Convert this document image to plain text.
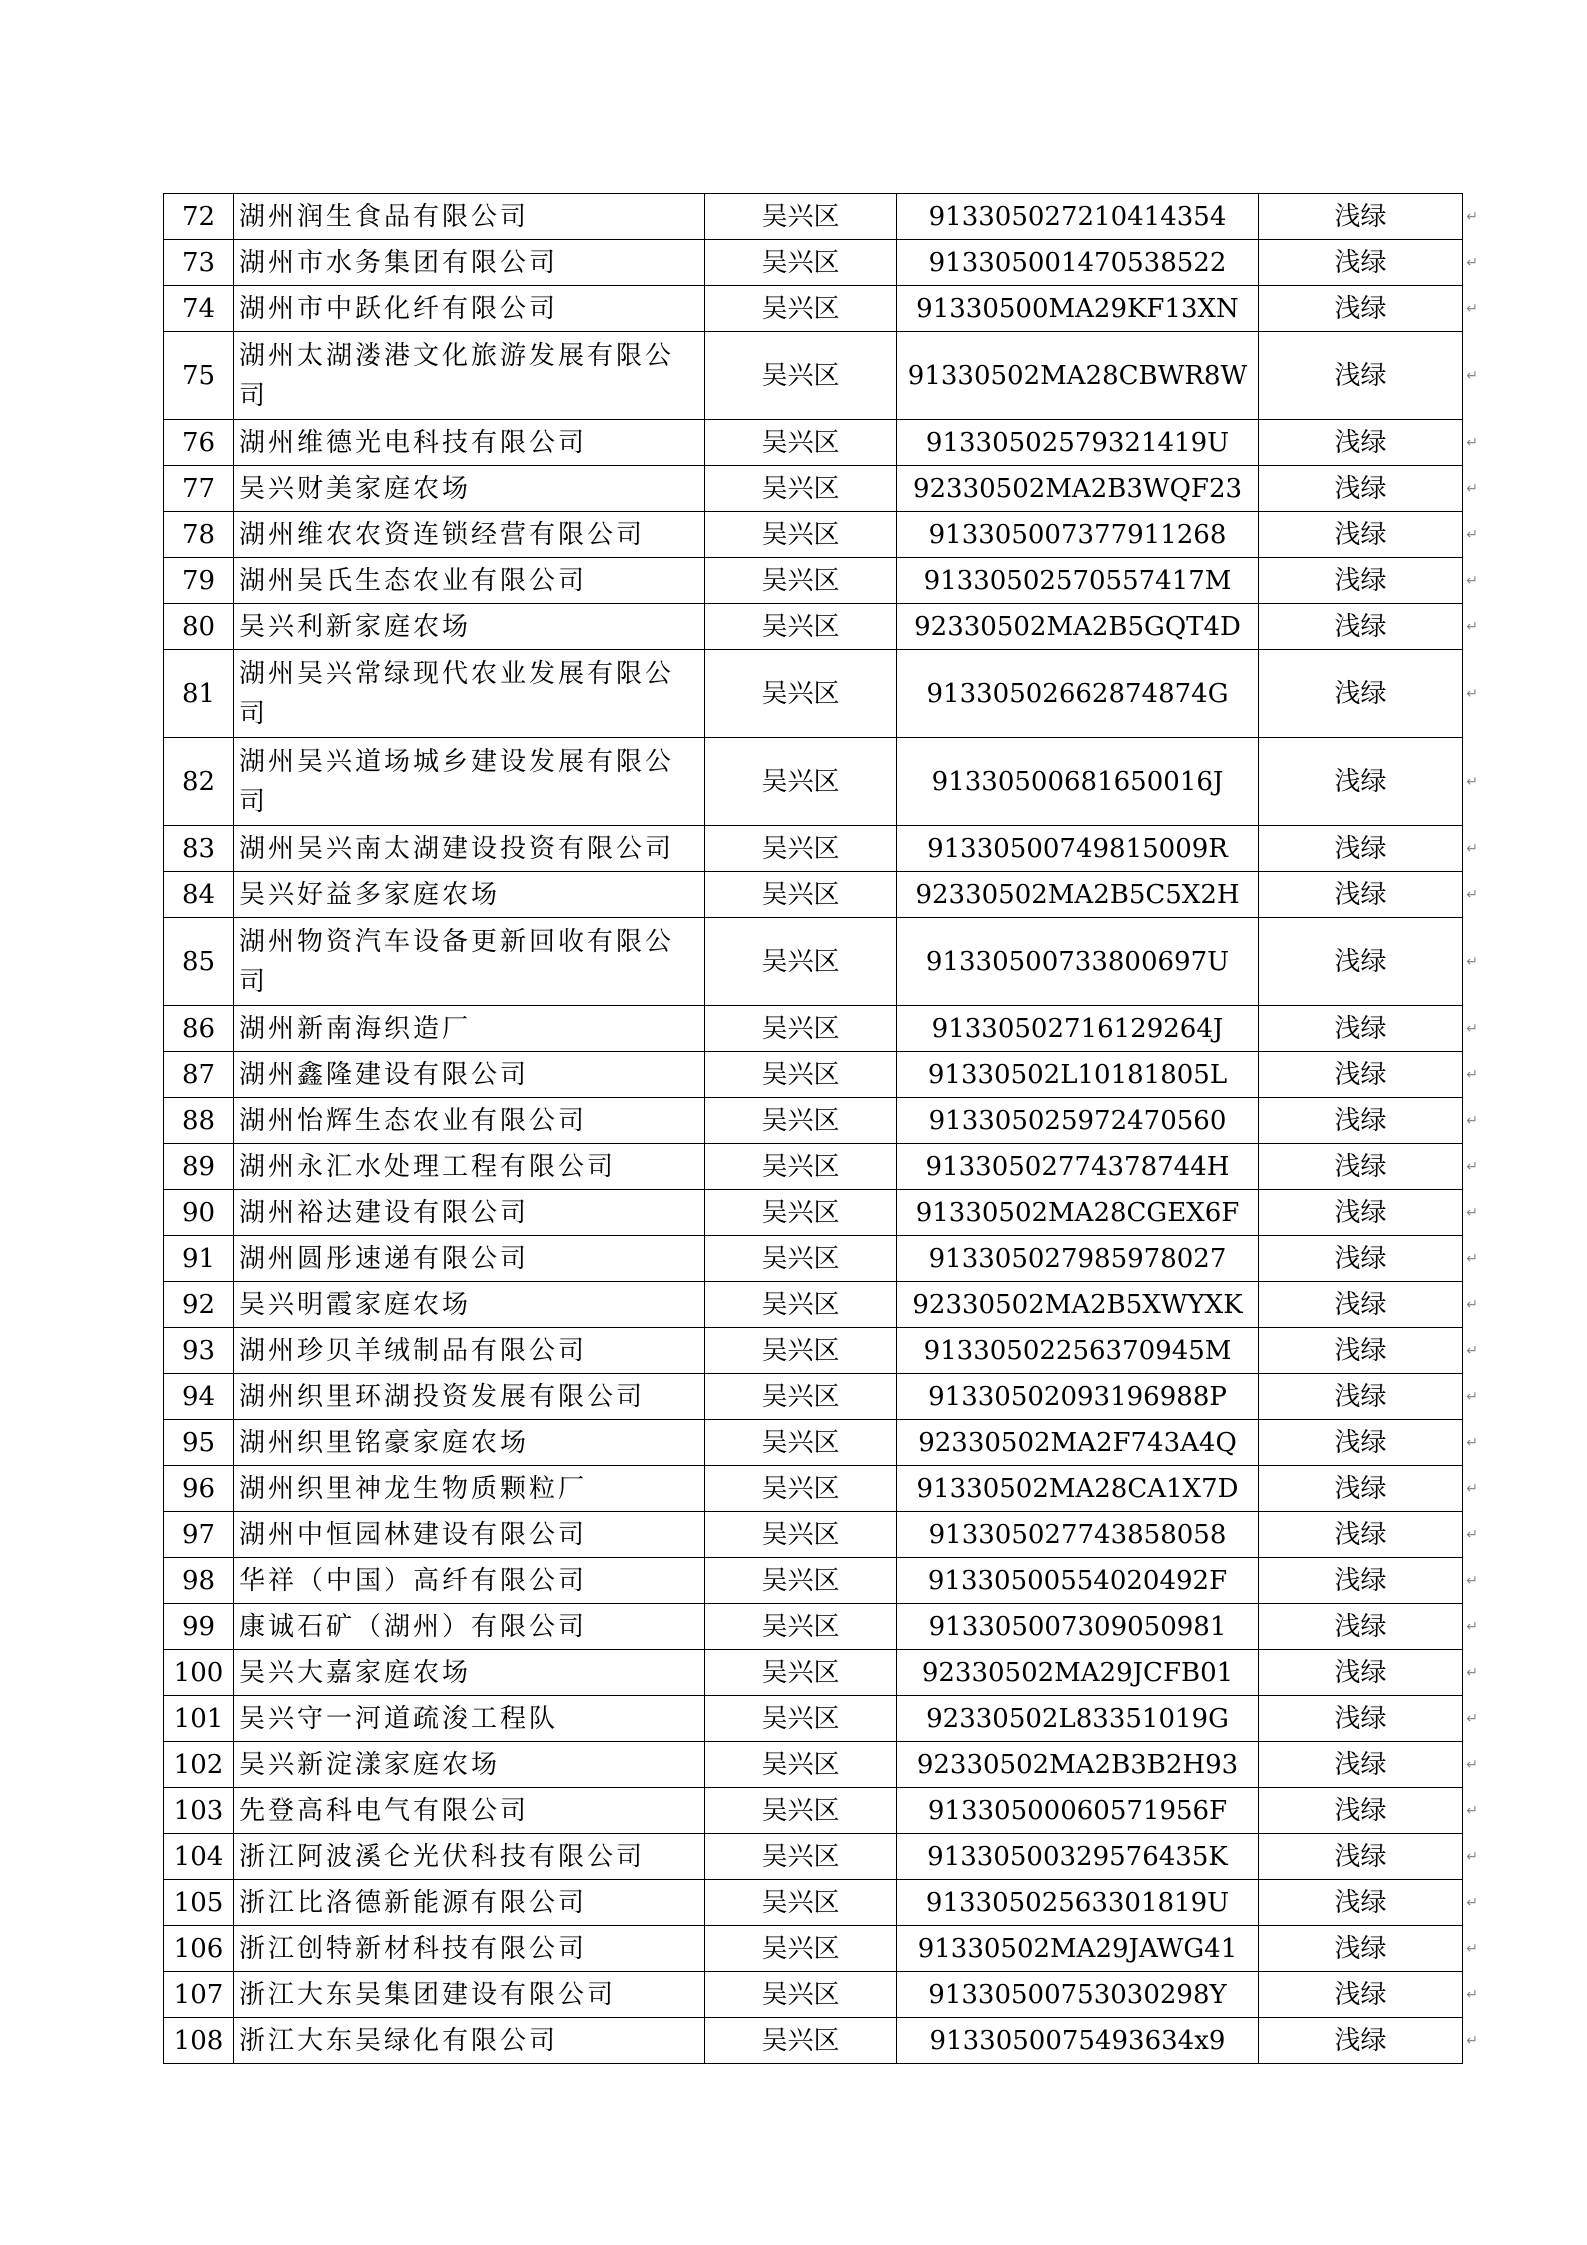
72	湖州润生食品有限公司	吴兴区	913305027210414354	浅绿 ↵

73	湖州市水务集团有限公司	吴兴区	913305001470538522	浅绿 ↵

74	湖州市中跃化纤有限公司	吴兴区	91330500MA29KF13XN	浅绿 ↵

75	湖州太湖溇港文化旅游发展有限公司	吴兴区	91330502MA28CBWR8W	浅绿 ↵

76	湖州维德光电科技有限公司	吴兴区	91330502579321419U	浅绿 ↵

77	吴兴财美家庭农场	吴兴区	92330502MA2B3WQF23	浅绿 ↵

78	湖州维农农资连锁经营有限公司	吴兴区	913305007377911268	浅绿 ↵

79	湖州吴氏生态农业有限公司	吴兴区	91330502570557417M	浅绿 ↵

80	吴兴利新家庭农场	吴兴区	92330502MA2B5GQT4D	浅绿 ↵

81	湖州吴兴常绿现代农业发展有限公司	吴兴区	91330502662874874G	浅绿 ↵

82	湖州吴兴道场城乡建设发展有限公司	吴兴区	91330500681650016J	浅绿 ↵

83	湖州吴兴南太湖建设投资有限公司	吴兴区	91330500749815009R	浅绿 ↵

84	吴兴好益多家庭农场	吴兴区	92330502MA2B5C5X2H	浅绿 ↵

85	湖州物资汽车设备更新回收有限公司	吴兴区	91330500733800697U	浅绿 ↵

86	湖州新南海织造厂	吴兴区	91330502716129264J	浅绿 ↵

87	湖州鑫隆建设有限公司	吴兴区	91330502L10181805L	浅绿 ↵

88	湖州怡辉生态农业有限公司	吴兴区	913305025972470560	浅绿 ↵

89	湖州永汇水处理工程有限公司	吴兴区	91330502774378744H	浅绿 ↵

90	湖州裕达建设有限公司	吴兴区	91330502MA28CGEX6F	浅绿 ↵

91	湖州圆彤速递有限公司	吴兴区	913305027985978027	浅绿 ↵

92	吴兴明霞家庭农场	吴兴区	92330502MA2B5XWYXK	浅绿 ↵

93	湖州珍贝羊绒制品有限公司	吴兴区	91330502256370945M	浅绿 ↵

94	湖州织里环湖投资发展有限公司	吴兴区	91330502093196988P	浅绿 ↵

95	湖州织里铭豪家庭农场	吴兴区	92330502MA2F743A4Q	浅绿 ↵

96	湖州织里神龙生物质颗粒厂	吴兴区	91330502MA28CA1X7D	浅绿 ↵

97	湖州中恒园林建设有限公司	吴兴区	913305027743858058	浅绿 ↵

98	华祥（中国）高纤有限公司	吴兴区	91330500554020492F	浅绿 ↵

99	康诚石矿（湖州）有限公司	吴兴区	913305007309050981	浅绿 ↵

100	吴兴大嘉家庭农场	吴兴区	92330502MA29JCFB01	浅绿 ↵

101	吴兴守一河道疏浚工程队	吴兴区	92330502L83351019G	浅绿 ↵

102	吴兴新淀漾家庭农场	吴兴区	92330502MA2B3B2H93	浅绿 ↵

103	先登高科电气有限公司	吴兴区	91330500060571956F	浅绿 ↵

104	浙江阿波溪仑光伏科技有限公司	吴兴区	91330500329576435K	浅绿 ↵

105	浙江比洛德新能源有限公司	吴兴区	91330502563301819U	浅绿 ↵

106	浙江创特新材科技有限公司	吴兴区	91330502MA29JAWG41	浅绿 ↵

107	浙江大东吴集团建设有限公司	吴兴区	91330500753030298Y	浅绿 ↵

108	浙江大东吴绿化有限公司	吴兴区	9133050075493634x9	浅绿 ↵
